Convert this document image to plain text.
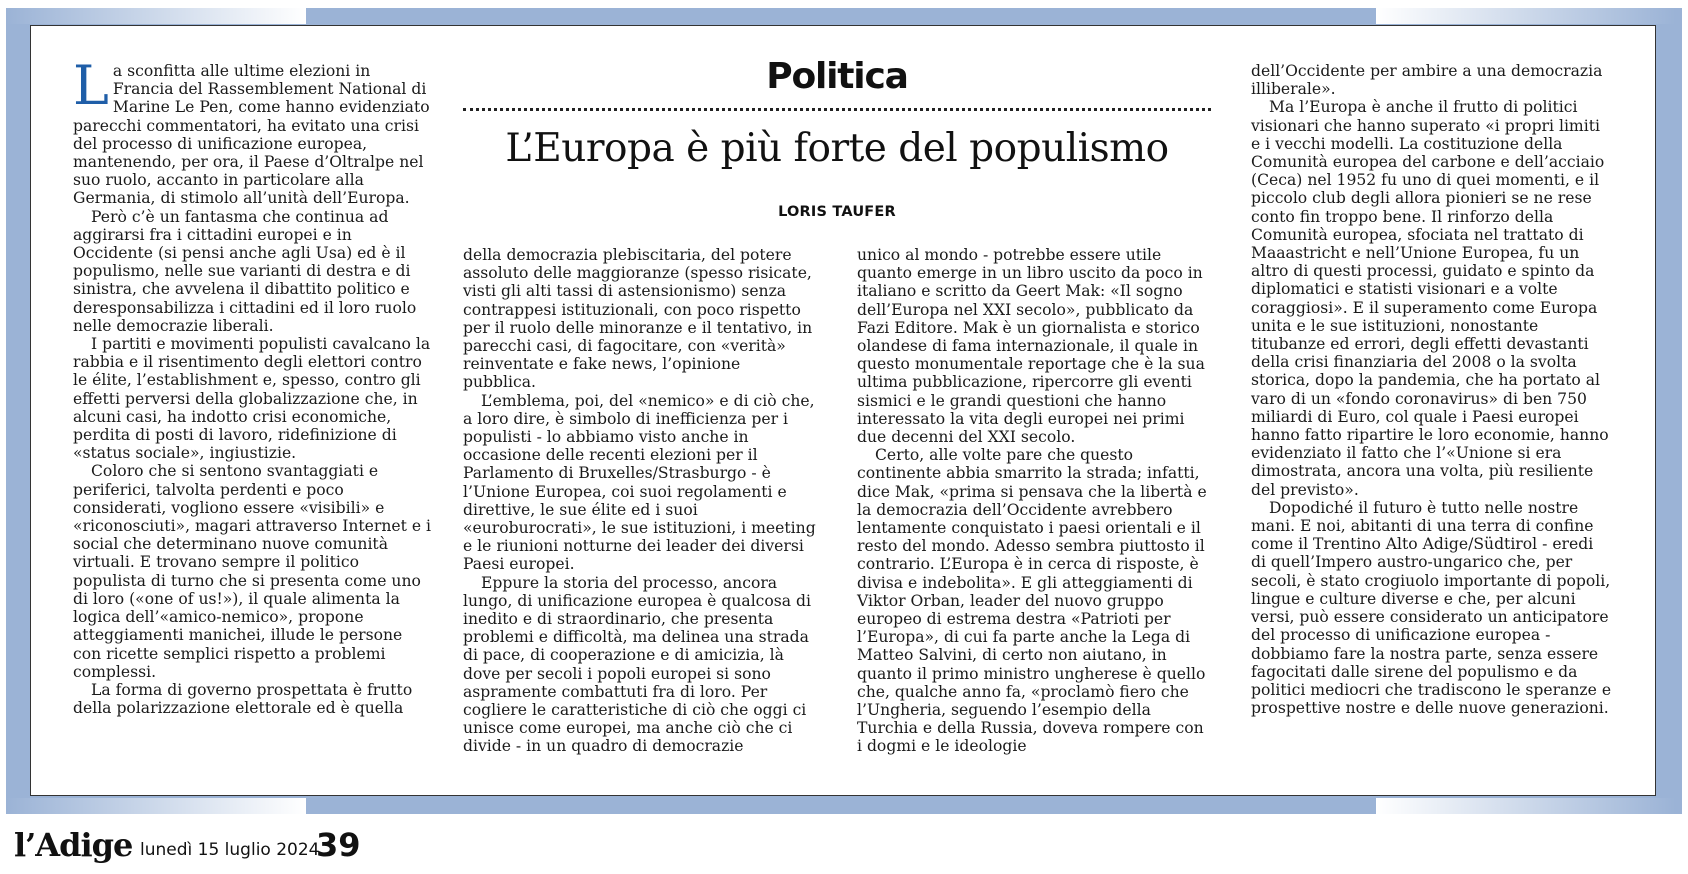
La sconfitta alle ultime elezioni in Francia del Rassemblement National di Marine Le Pen, come hanno evidenziato parecchi commentatori, ha evitato una crisi del processo di unificazione europea, mantenendo, per ora, il Paese d’Oltralpe nel suo ruolo, accanto in particolare alla Germania, di stimolo all’unità dell’Europa.

Però c’è un fantasma che continua ad aggirarsi fra i cittadini europei e in Occidente (si pensi anche agli Usa) ed è il populismo, nelle sue varianti di destra e di sinistra, che avvelena il dibattito politico e deresponsabilizza i cittadini ed il loro ruolo nelle democrazie liberali.

I partiti e movimenti populisti cavalcano la rabbia e il risentimento degli elettori contro le élite, l’establishment e, spesso, contro gli effetti perversi della globalizzazione che, in alcuni casi, ha indotto crisi economiche, perdita di posti di lavoro, ridefinizione di «status sociale», ingiustizie.

Coloro che si sentono svantaggiati e periferici, talvolta perdenti e poco considerati, vogliono essere «visibili» e «riconosciuti», magari attraverso Internet e i social che determinano nuove comunità virtuali. E trovano sempre il politico populista di turno che si presenta come uno di loro («one of us!»), il quale alimenta la logica dell’«amico-nemico», propone atteggiamenti manichei, illude le persone con ricette semplici rispetto a problemi complessi.

La forma di governo prospettata è frutto della polarizzazione elettorale ed è quella

Politica
L’Europa è più forte del populismo
LORIS TAUFER

della democrazia plebiscitaria, del potere assoluto delle maggioranze (spesso risicate, visti gli alti tassi di astensionismo) senza contrappesi istituzionali, con poco rispetto per il ruolo delle minoranze e il tentativo, in parecchi casi, di fagocitare, con «verità» reinventate e fake news, l’opinione pubblica.

L’emblema, poi, del «nemico» e di ciò che, a loro dire, è simbolo di inefficienza per i populisti - lo abbiamo visto anche in occasione delle recenti elezioni per il Parlamento di Bruxelles/Strasburgo - è l’Unione Europea, coi suoi regolamenti e direttive, le sue élite ed i suoi «euroburocrati», le sue istituzioni, i meeting e le riunioni notturne dei leader dei diversi Paesi europei.

Eppure la storia del processo, ancora lungo, di unificazione europea è qualcosa di inedito e di straordinario, che presenta problemi e difficoltà, ma delinea una strada di pace, di cooperazione e di amicizia, là dove per secoli i popoli europei si sono aspramente combattuti fra di loro. Per cogliere le caratteristiche di ciò che oggi ci unisce come europei, ma anche ciò che ci divide - in un quadro di democrazie

unico al mondo - potrebbe essere utile quanto emerge in un libro uscito da poco in italiano e scritto da Geert Mak: «Il sogno dell’Europa nel XXI secolo», pubblicato da Fazi Editore. Mak è un giornalista e storico olandese di fama internazionale, il quale in questo monumentale reportage che è la sua ultima pubblicazione, ripercorre gli eventi sismici e le grandi questioni che hanno interessato la vita degli europei nei primi due decenni del XXI secolo.

Certo, alle volte pare che questo continente abbia smarrito la strada; infatti, dice Mak, «prima si pensava che la libertà e la democrazia dell’Occidente avrebbero lentamente conquistato i paesi orientali e il resto del mondo. Adesso sembra piuttosto il contrario. L’Europa è in cerca di risposte, è divisa e indebolita». E gli atteggiamenti di Viktor Orban, leader del nuovo gruppo europeo di estrema destra «Patrioti per l’Europa», di cui fa parte anche la Lega di Matteo Salvini, di certo non aiutano, in quanto il primo ministro ungherese è quello che, qualche anno fa, «proclamò fiero che l’Ungheria, seguendo l’esempio della Turchia e della Russia, doveva rompere con i dogmi e le ideologie

dell’Occidente per ambire a una democrazia illiberale».

Ma l’Europa è anche il frutto di politici visionari che hanno superato «i propri limiti e i vecchi modelli. La costituzione della Comunità europea del carbone e dell’acciaio (Ceca) nel 1952 fu uno di quei momenti, e il piccolo club degli allora pionieri se ne rese conto fin troppo bene. Il rinforzo della Comunità europea, sfociata nel trattato di Maaastricht e nell’Unione Europea, fu un altro di questi processi, guidato e spinto da diplomatici e statisti visionari e a volte coraggiosi». E il superamento come Europa unita e le sue istituzioni, nonostante titubanze ed errori, degli effetti devastanti della crisi finanziaria del 2008 o la svolta storica, dopo la pandemia, che ha portato al varo di un «fondo coronavirus» di ben 750 miliardi di Euro, col quale i Paesi europei hanno fatto ripartire le loro economie, hanno evidenziato il fatto che l’«Unione si era dimostrata, ancora una volta, più resiliente del previsto».

Dopodiché il futuro è tutto nelle nostre mani. E noi, abitanti di una terra di confine come il Trentino Alto Adige/Südtirol - eredi di quell’Impero austro-ungarico che, per secoli, è stato crogiuolo importante di popoli, lingue e culture diverse e che, per alcuni versi, può essere considerato un anticipatore del processo di unificazione europea - dobbiamo fare la nostra parte, senza essere fagocitati dalle sirene del populismo e da politici mediocri che tradiscono le speranze e prospettive nostre e delle nuove generazioni.

l’Adige lunedì 15 luglio 2024
39
